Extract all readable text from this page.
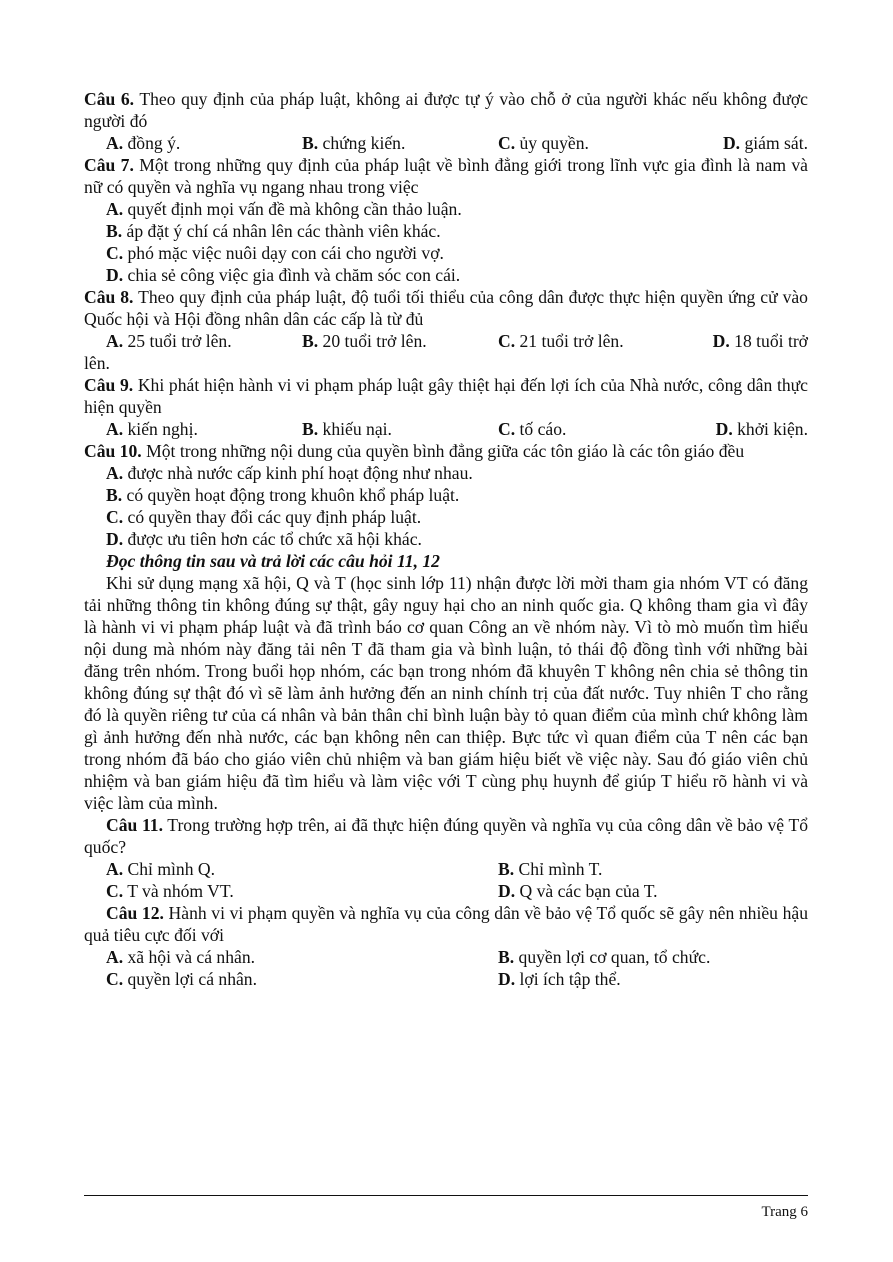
Câu 6. Theo quy định của pháp luật, không ai được tự ý vào chỗ ở của người khác nếu không được người đó

A. đồng ý.	B. chứng kiến.	C. ủy quyền.	D. giám sát.

Câu 7. Một trong những quy định của pháp luật về bình đẳng giới trong lĩnh vực gia đình là nam và nữ có quyền và nghĩa vụ ngang nhau trong việc

A. quyết định mọi vấn đề mà không cần thảo luận.

B. áp đặt ý chí cá nhân lên các thành viên khác.

C. phó mặc việc nuôi dạy con cái cho người vợ.

D. chia sẻ công việc gia đình và chăm sóc con cái.

Câu 8. Theo quy định của pháp luật, độ tuổi tối thiểu của công dân được thực hiện quyền ứng cử vào Quốc hội và Hội đồng nhân dân các cấp là từ đủ

A. 25 tuổi trở lên.	B. 20 tuổi trở lên.	C. 21 tuổi trở lên.	D. 18 tuổi trở

lên.

Câu 9. Khi phát hiện hành vi vi phạm pháp luật gây thiệt hại đến lợi ích của Nhà nước, công dân thực hiện quyền

A. kiến nghị.	B. khiếu nại.	C. tố cáo.	D. khởi kiện.

Câu 10. Một trong những nội dung của quyền bình đẳng giữa các tôn giáo là các tôn giáo đều

A. được nhà nước cấp kinh phí hoạt động như nhau.

B. có quyền hoạt động trong khuôn khổ pháp luật.

C. có quyền thay đổi các quy định pháp luật.

D. được ưu tiên hơn các tổ chức xã hội khác.

Đọc thông tin sau và trả lời các câu hỏi 11, 12

Khi sử dụng mạng xã hội, Q và T (học sinh lớp 11) nhận được lời mời tham gia nhóm VT có đăng tải những thông tin không đúng sự thật, gây nguy hại cho an ninh quốc gia. Q không tham gia vì đây là hành vi vi phạm pháp luật và đã trình báo cơ quan Công an về nhóm này. Vì tò mò muốn tìm hiểu nội dung mà nhóm này đăng tải nên T đã tham gia và bình luận, tỏ thái độ đồng tình với những bài đăng trên nhóm. Trong buổi họp nhóm, các bạn trong nhóm đã khuyên T không nên chia sẻ thông tin không đúng sự thật đó vì sẽ làm ảnh hưởng đến an ninh chính trị của đất nước. Tuy nhiên T cho rằng đó là quyền riêng tư của cá nhân và bản thân chỉ bình luận bày tỏ quan điểm của mình chứ không làm gì ảnh hưởng đến nhà nước, các bạn không nên can thiệp. Bực tức vì quan điểm của T nên các bạn trong nhóm đã báo cho giáo viên chủ nhiệm và ban giám hiệu biết về việc này. Sau đó giáo viên chủ nhiệm và ban giám hiệu đã tìm hiểu và làm việc với T cùng phụ huynh để giúp T hiểu rõ hành vi và việc làm của mình.

Câu 11. Trong trường hợp trên, ai đã thực hiện đúng quyền và nghĩa vụ của công dân về bảo vệ Tổ quốc?

A. Chỉ mình Q.	B. Chỉ mình T.
C. T và nhóm VT.	D. Q và các bạn của T.

Câu 12. Hành vi vi phạm quyền và nghĩa vụ của công dân về bảo vệ Tổ quốc sẽ gây nên nhiều hậu quả tiêu cực đối với

A. xã hội và cá nhân.	B. quyền lợi cơ quan, tổ chức.
C. quyền lợi cá nhân.	D. lợi ích tập thể.
Trang 6
